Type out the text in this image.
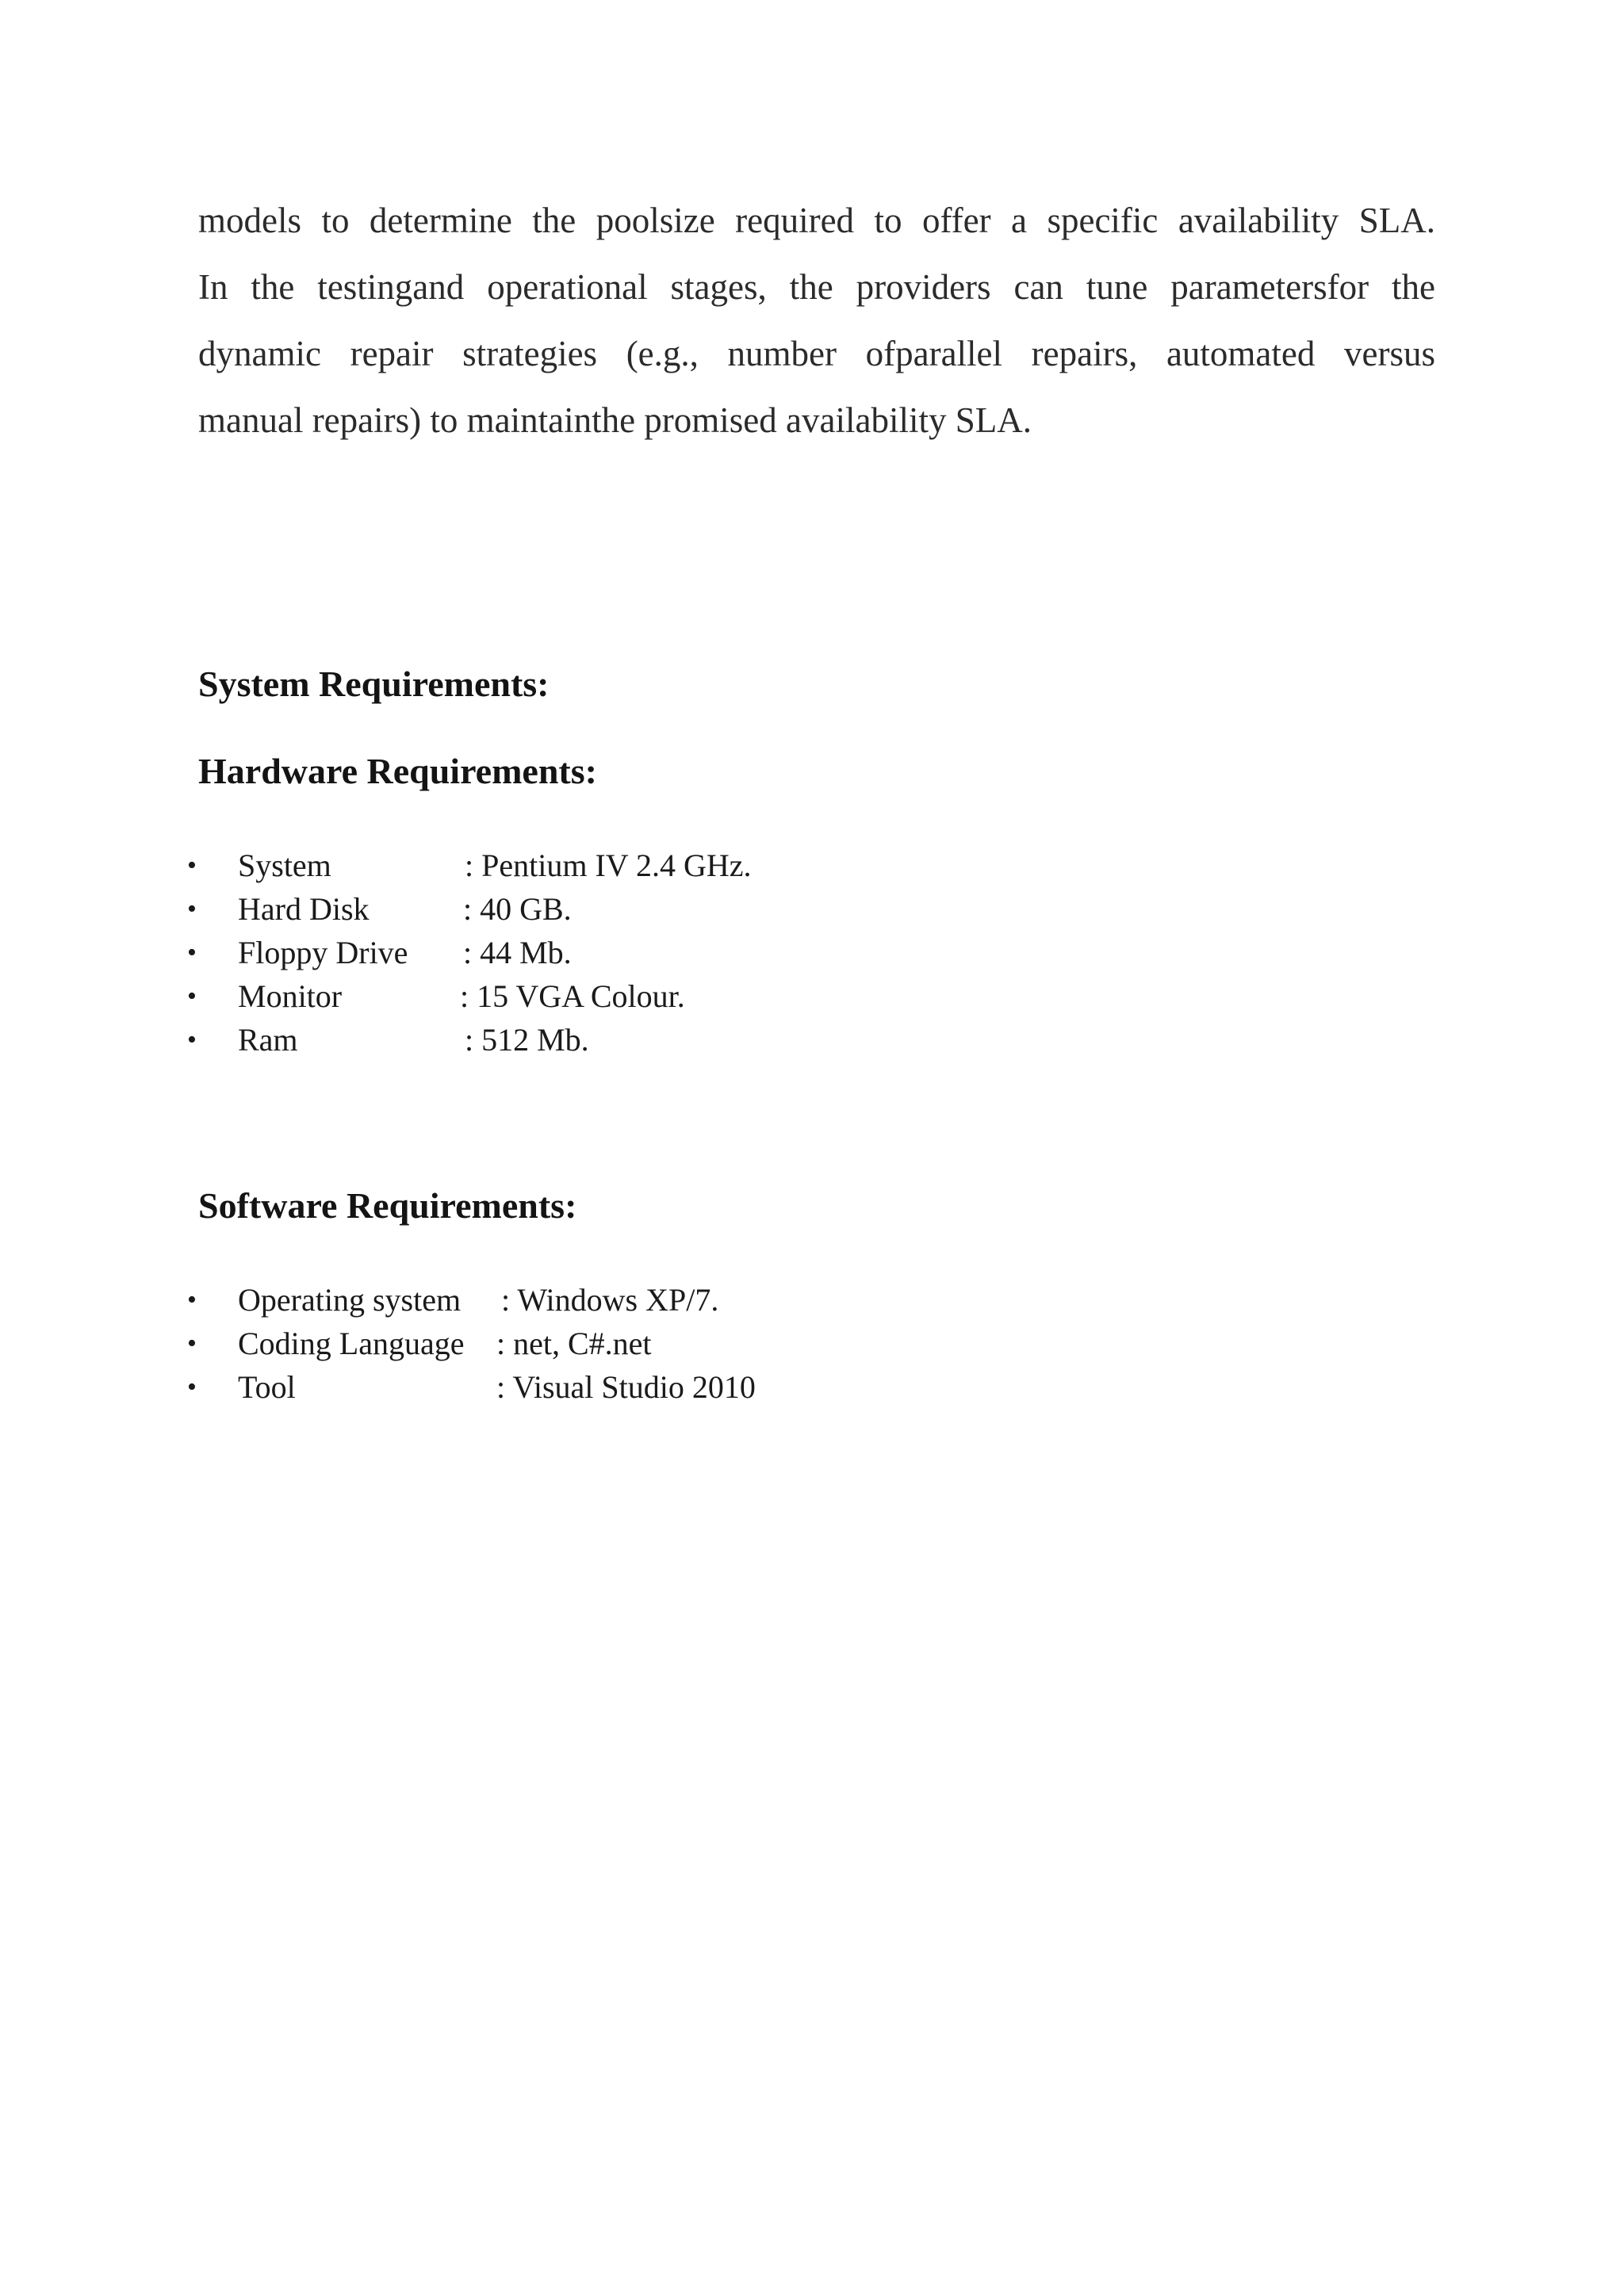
models to determine the poolsize required to offer a specific availability SLA.
In the testingand operational stages, the providers can tune parametersfor the
dynamic repair strategies (e.g., number ofparallel repairs, automated versus
manual repairs) to maintainthe promised availability SLA.
System Requirements:
Hardware Requirements:
• System	: Pentium IV 2.4 GHz.
• Hard Disk	: 40 GB.
• Floppy Drive : 44 Mb.
• Monitor	: 15 VGA Colour.
• Ram	: 512 Mb.
Software Requirements:
• Operating system : Windows XP/7.
• Coding Language : net, C#.net
• Tool	: Visual Studio 2010
